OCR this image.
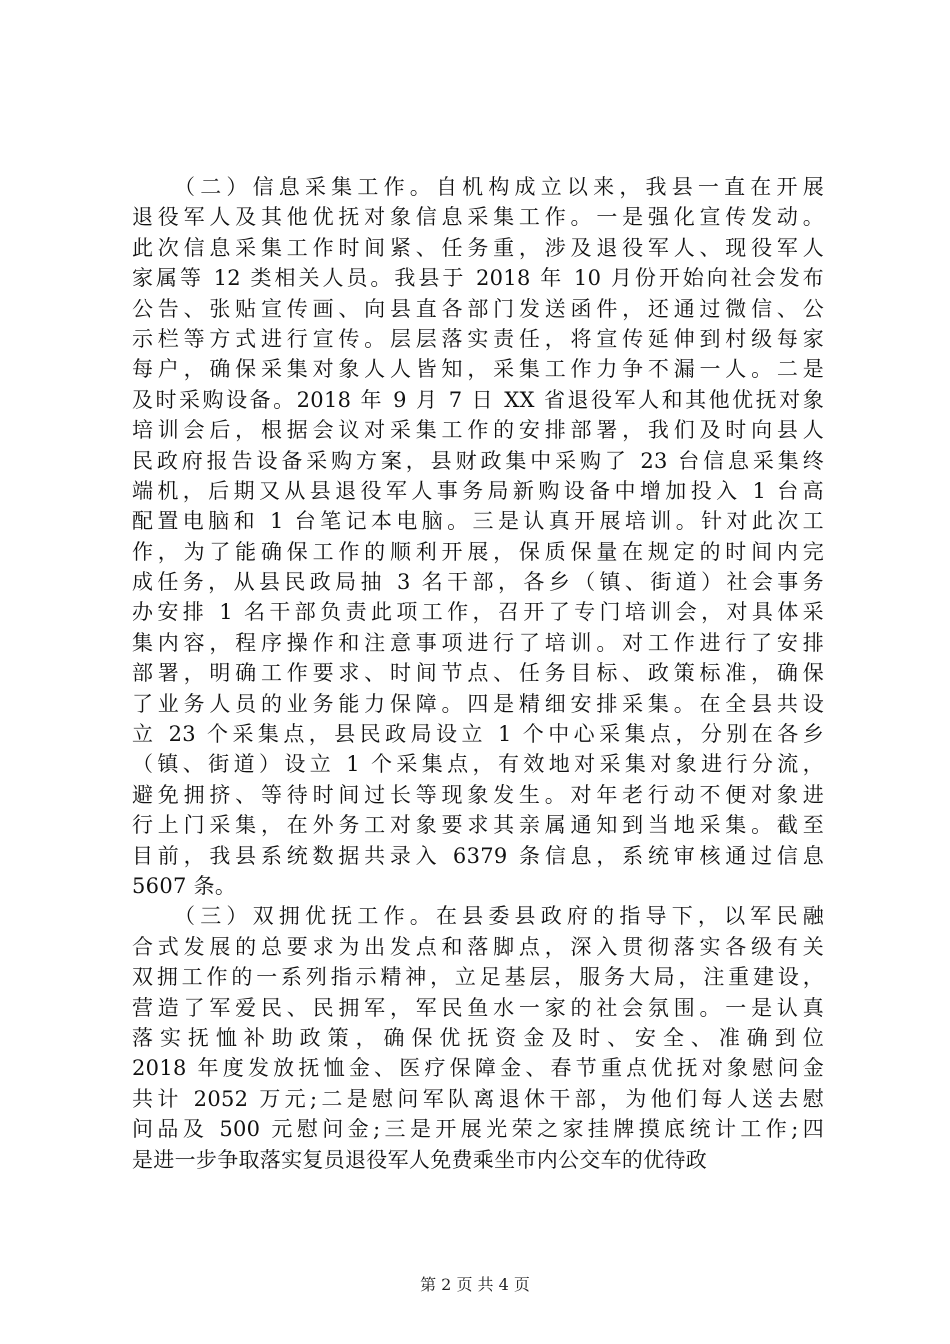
（二）信息采集工作。自机构成立以来，我县一直在开展
退役军人及其他优抚对象信息采集工作。一是强化宣传发动。
此次信息采集工作时间紧、任务重，涉及退役军人、现役军人
家属等 12 类相关人员。我县于 2018 年 10 月份开始向社会发布
公告、张贴宣传画、向县直各部门发送函件，还通过微信、公
示栏等方式进行宣传。层层落实责任，将宣传延伸到村级每家
每户，确保采集对象人人皆知，采集工作力争不漏一人。二是
及时采购设备。2018 年 9 月 7 日 XX 省退役军人和其他优抚对象
培训会后，根据会议对采集工作的安排部署，我们及时向县人
民政府报告设备采购方案，县财政集中采购了 23 台信息采集终
端机，后期又从县退役军人事务局新购设备中增加投入 1 台高
配置电脑和 1 台笔记本电脑。三是认真开展培训。针对此次工
作，为了能确保工作的顺利开展，保质保量在规定的时间内完
成任务，从县民政局抽 3 名干部，各乡（镇、街道）社会事务
办安排 1 名干部负责此项工作，召开了专门培训会，对具体采
集内容，程序操作和注意事项进行了培训。对工作进行了安排
部署，明确工作要求、时间节点、任务目标、政策标准，确保
了业务人员的业务能力保障。四是精细安排采集。在全县共设
立 23 个采集点，县民政局设立 1 个中心采集点，分别在各乡
（镇、街道）设立 1 个采集点，有效地对采集对象进行分流，
避免拥挤、等待时间过长等现象发生。对年老行动不便对象进
行上门采集，在外务工对象要求其亲属通知到当地采集。截至
目前，我县系统数据共录入 6379 条信息，系统审核通过信息
5607 条。
（三）双拥优抚工作。在县委县政府的指导下，以军民融
合式发展的总要求为出发点和落脚点，深入贯彻落实各级有关
双拥工作的一系列指示精神，立足基层，服务大局，注重建设，
营造了军爱民、民拥军，军民鱼水一家的社会氛围。一是认真
落实抚恤补助政策，确保优抚资金及时、安全、准确到位
2018 年度发放抚恤金、医疗保障金、春节重点优抚对象慰问金
共计 2052 万元;二是慰问军队离退休干部，为他们每人送去慰
问品及 500 元慰问金;三是开展光荣之家挂牌摸底统计工作;四
是进一步争取落实复员退役军人免费乘坐市内公交车的优待政
第 2 页 共 4 页
